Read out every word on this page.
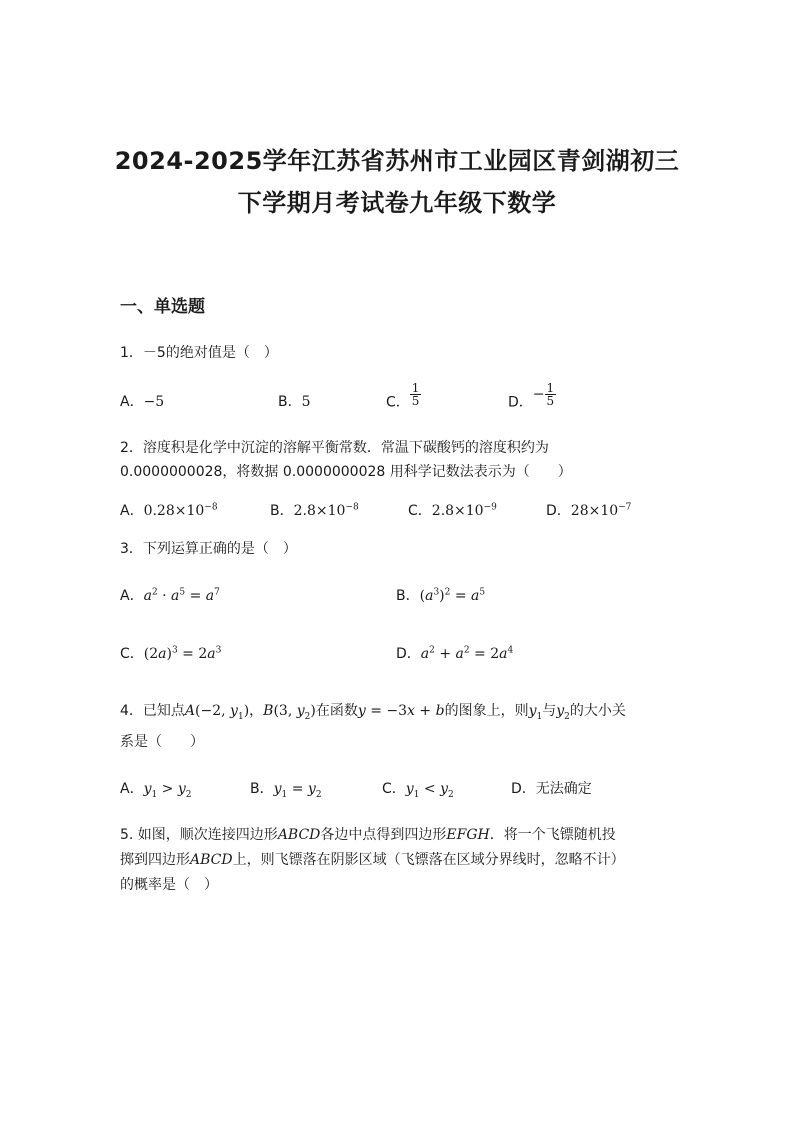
2024-2025学年江苏省苏州市工业园区青剑湖初三
下学期月考试卷九年级下数学
一、单选题
1．－5的绝对值是（　）
A．−5	B．5	C． $\frac{1}{5}$	D．− $\frac{1}{5}$
2．溶度积是化学中沉淀的溶解平衡常数．常温下碳酸钙的溶度积约为
0.0000000028，将数据 0.0000000028 用科学记数法表示为（　　）
A．$0.28\times 10^{-8}$	B．$2.8\times 10^{-8}$	C．$2.8\times 10^{-9}$	D．$28\times 10^{-7}$
3．下列运算正确的是（　）
A．$a^2 \cdot a^5 = a^7$	B．$(a^3)^2 = a^5$
C．$(2a)^3 = 2a^3$	D．$a^2 + a^2 = 2a^4$
4．已知点A(−2, $y_1$)，B(3, $y_2$)在函数y = −3x + b的图象上，则$y_1$与$y_2$的大小关
系是（　　）
A．$y_1 > y_2$	B．$y_1 = y_2$	C．$y_1 < y_2$	D．无法确定
5. 如图，顺次连接四边形ABCD各边中点得到四边形EFGH．将一个飞镖随机投
掷到四边形ABCD上，则飞镖落在阴影区域（飞镖落在区域分界线时，忽略不计）
的概率是（　）
